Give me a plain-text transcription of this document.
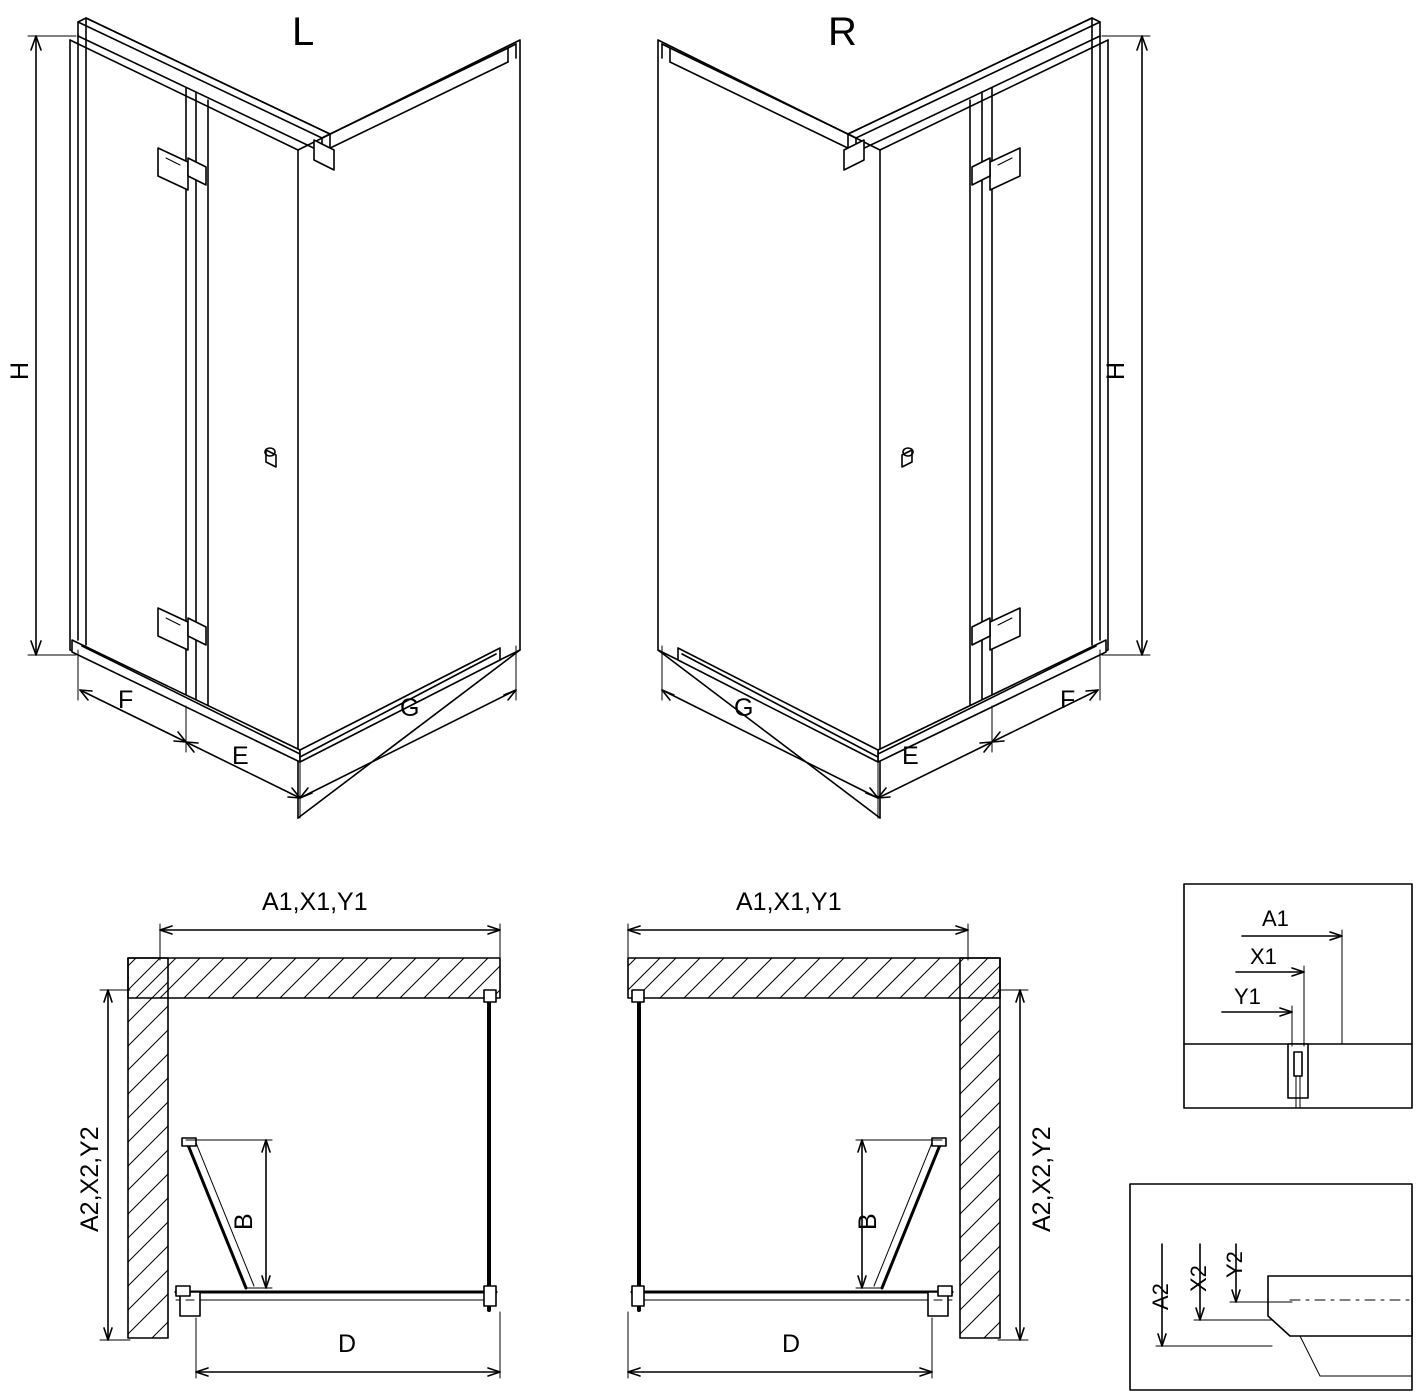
L	R
H	H
F
E
G	G
E
F
A1,X1,Y1
A2,X2,Y2	B
D
A1,X1,Y1
A2,X2,Y2
B
D
A1
X1
Y1
A2
X2
Y2
